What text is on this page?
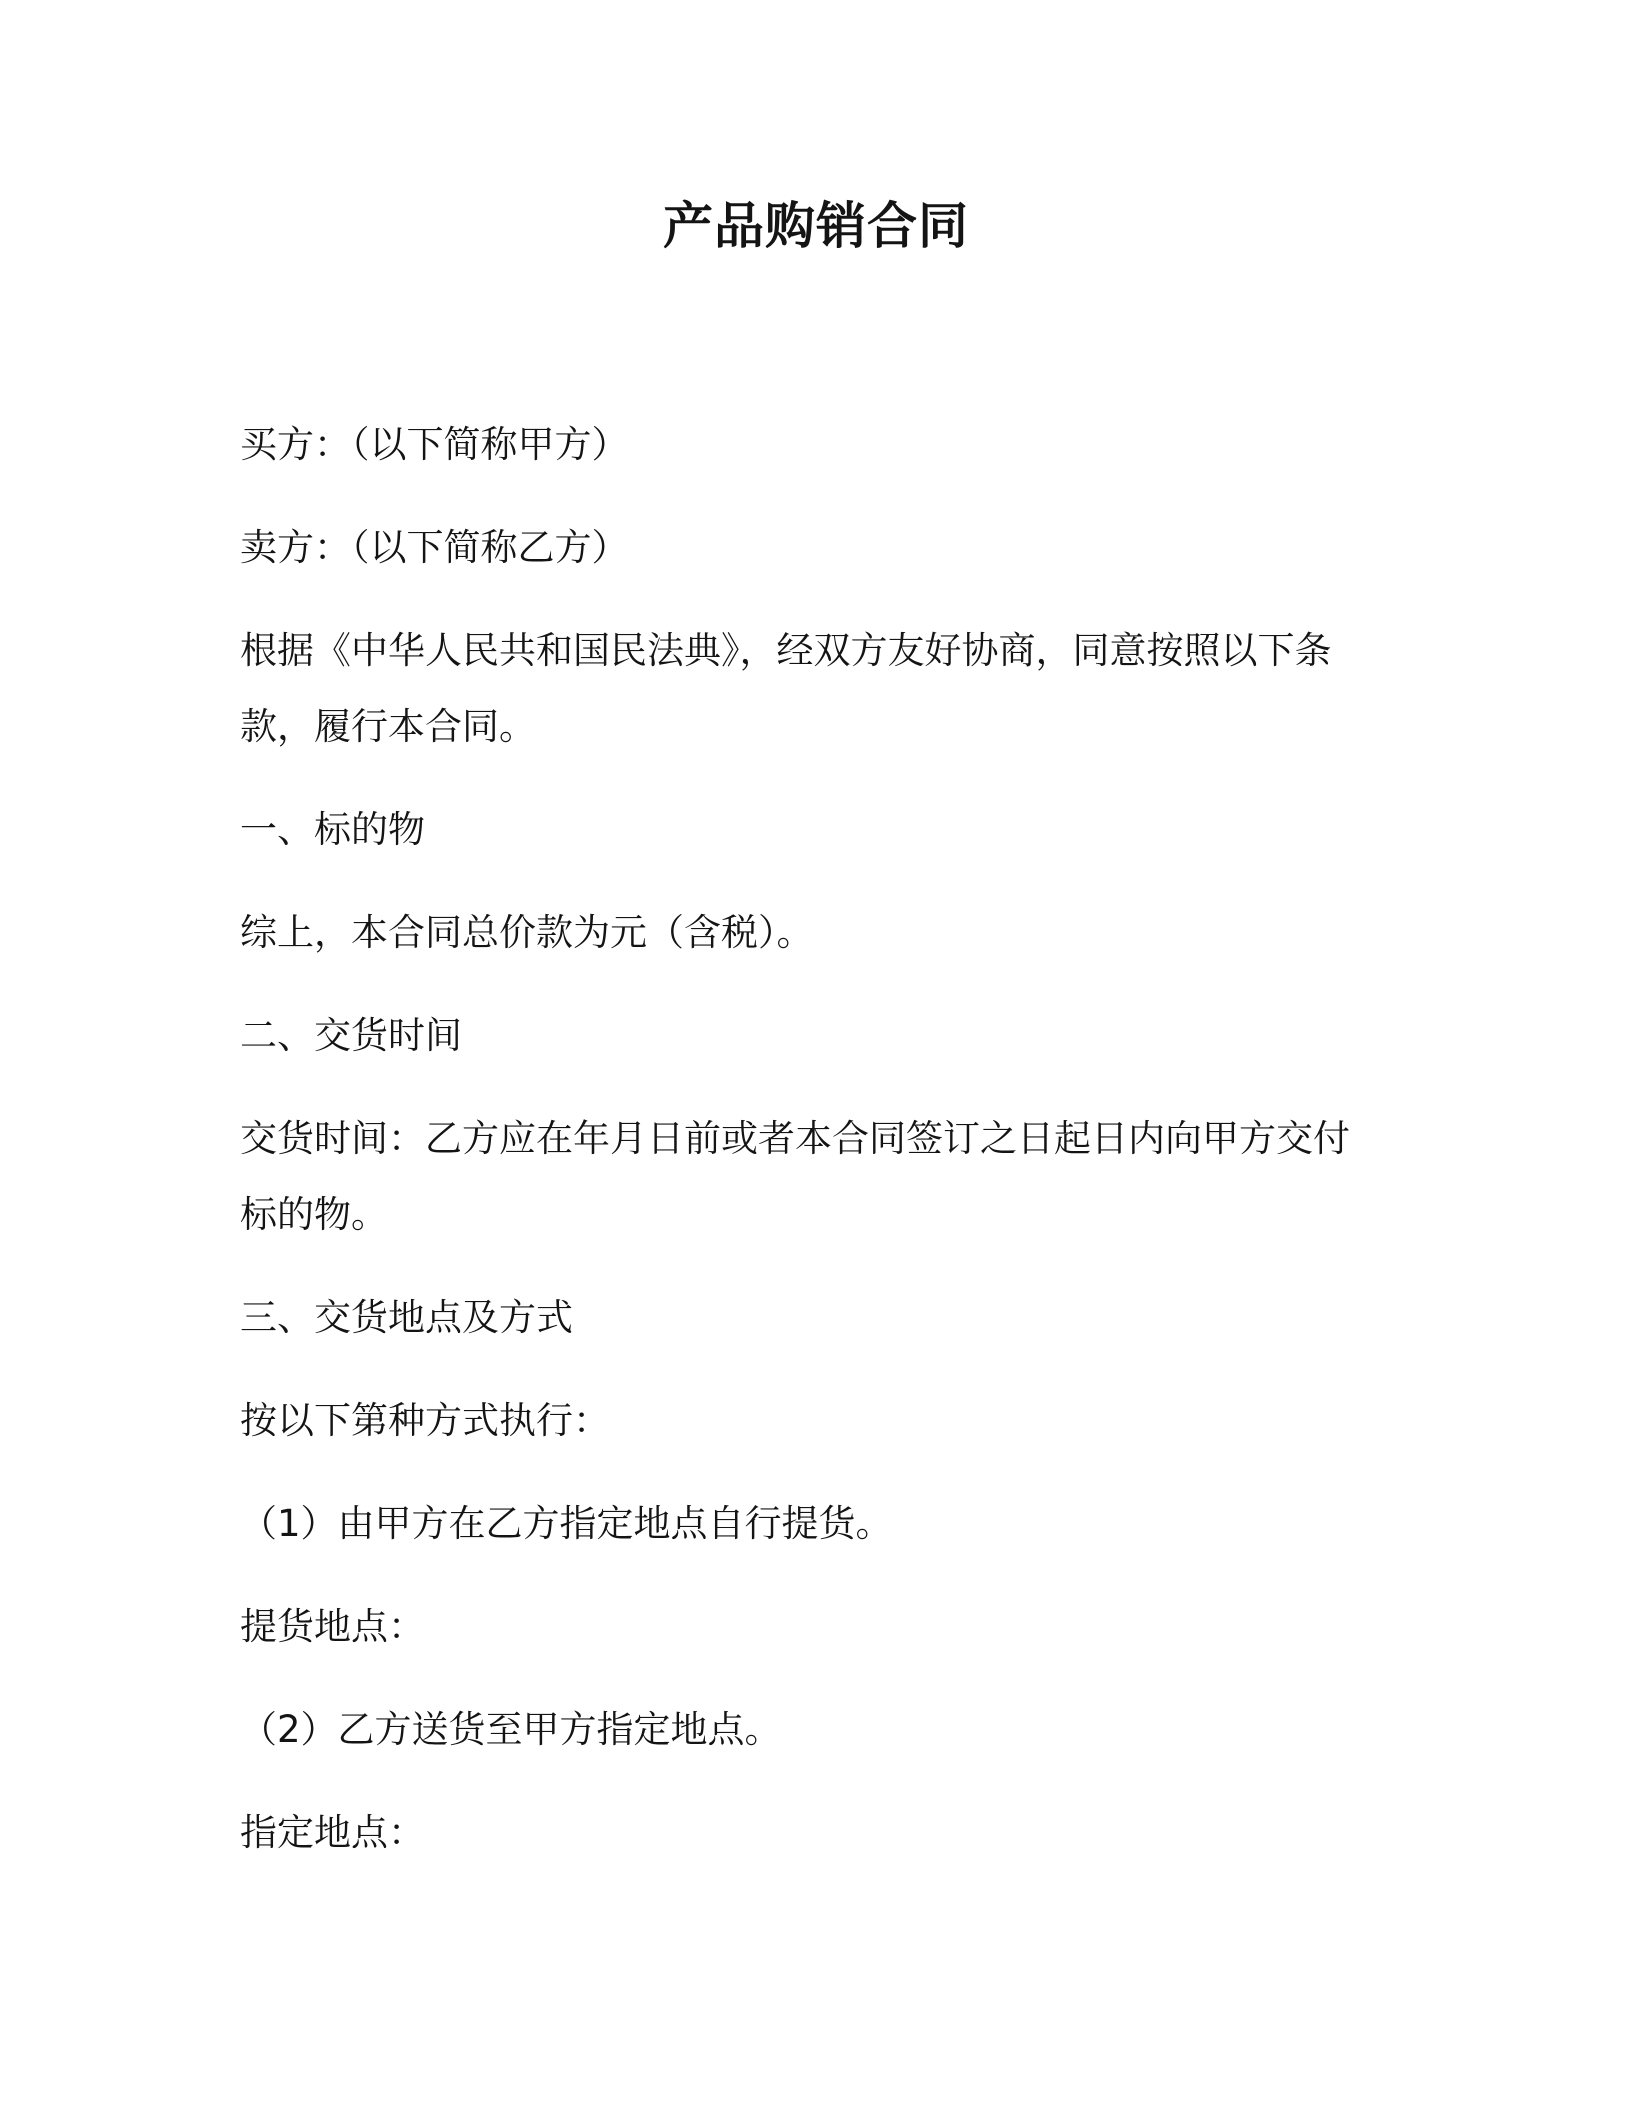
产品购销合同
买方：（以下简称甲方）
卖方：（以下简称乙方）
根据《中华人民共和国民法典》，经双方友好协商，同意按照以下条
款，履行本合同。
一、标的物
综上，本合同总价款为元（含税）。
二、交货时间
交货时间：乙方应在年月日前或者本合同签订之日起日内向甲方交付
标的物。
三、交货地点及方式
按以下第种方式执行：
（1）由甲方在乙方指定地点自行提货。
提货地点：
（2）乙方送货至甲方指定地点。
指定地点：
